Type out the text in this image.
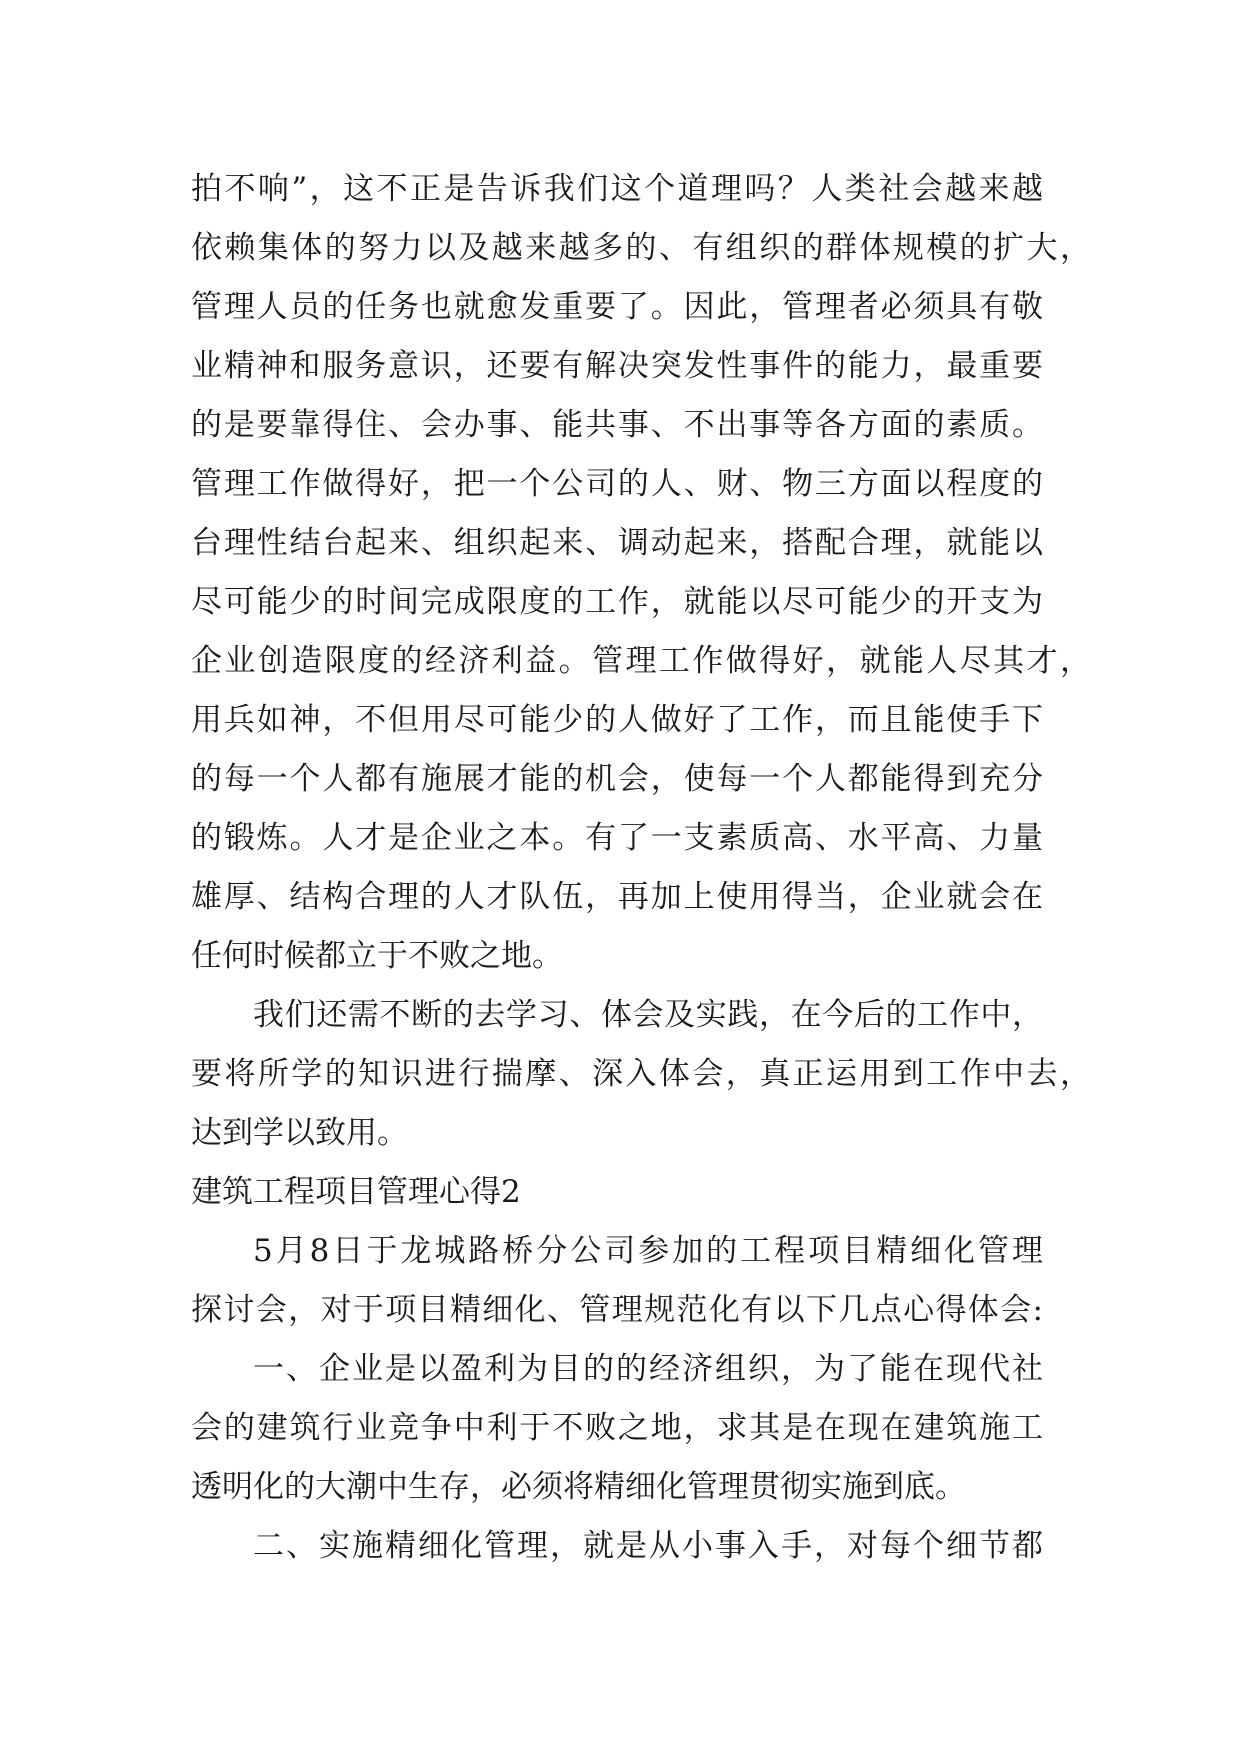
拍不响”，这不正是告诉我们这个道理吗？人类社会越来越
依赖集体的努力以及越来越多的、有组织的群体规模的扩大，
管理人员的任务也就愈发重要了。因此，管理者必须具有敬
业精神和服务意识，还要有解决突发性事件的能力，最重要
的是要靠得住、会办事、能共事、不出事等各方面的素质。
管理工作做得好，把一个公司的人、财、物三方面以程度的
台理性结台起来、组织起来、调动起来，搭配合理，就能以
尽可能少的时间完成限度的工作，就能以尽可能少的开支为
企业创造限度的经济利益。管理工作做得好，就能人尽其才，
用兵如神，不但用尽可能少的人做好了工作，而且能使手下
的每一个人都有施展才能的机会，使每一个人都能得到充分
的锻炼。人才是企业之本。有了一支素质高、水平高、力量
雄厚、结构合理的人才队伍，再加上使用得当，企业就会在
任何时候都立于不败之地。
我们还需不断的去学习、体会及实践，在今后的工作中，
要将所学的知识进行揣摩、深入体会，真正运用到工作中去，
达到学以致用。
建筑工程项目管理心得2
5月8日于龙城路桥分公司参加的工程项目精细化管理
探讨会，对于项目精细化、管理规范化有以下几点心得体会:
一、企业是以盈利为目的的经济组织，为了能在现代社
会的建筑行业竞争中利于不败之地，求其是在现在建筑施工
透明化的大潮中生存，必须将精细化管理贯彻实施到底。
二、实施精细化管理，就是从小事入手，对每个细节都
